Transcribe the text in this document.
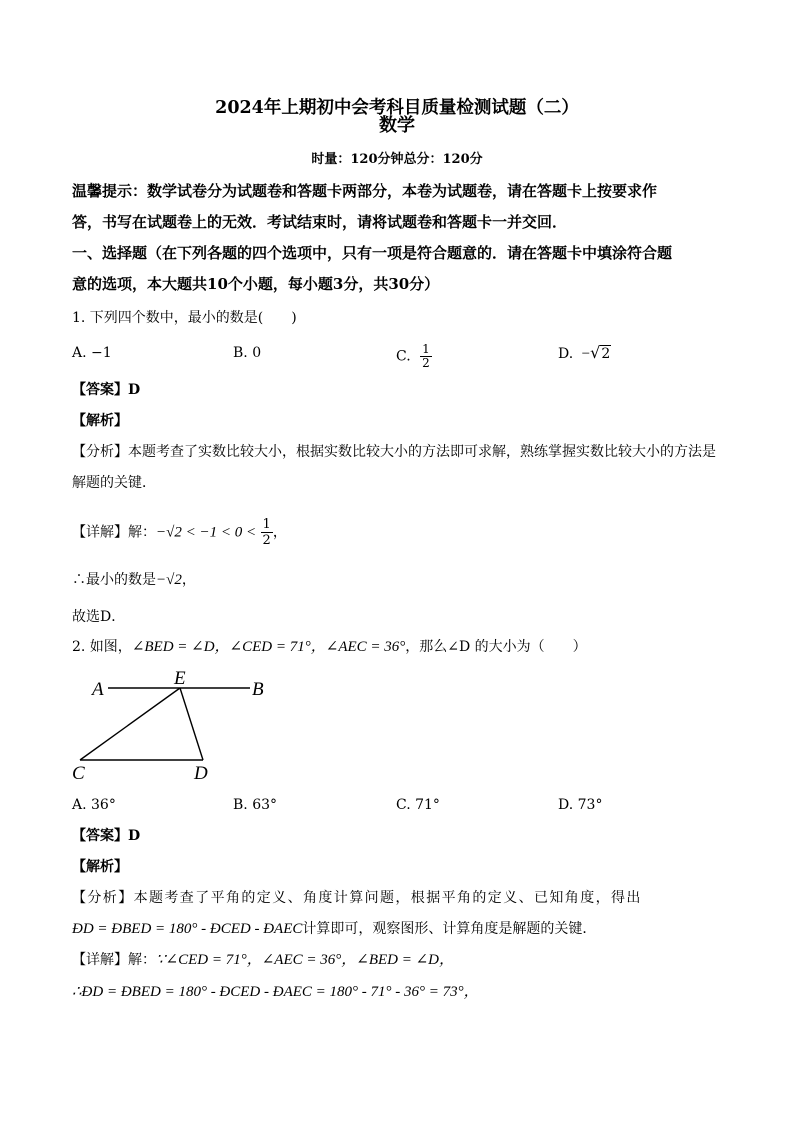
2024年上期初中会考科目质量检测试题（二）
数学
时量：120分钟总分：120分
温馨提示：数学试卷分为试题卷和答题卡两部分，本卷为试题卷，请在答题卡上按要求作
答，书写在试题卷上的无效．考试结束时，请将试题卷和答题卡一并交回．
一、选择题（在下列各题的四个选项中，只有一项是符合题意的．请在答题卡中填涂符合题
意的选项，本大题共10个小题，每小题3分，共30分）
1. 下列四个数中，最小的数是(　　)
A. −1	B. 0	C. $\frac{1}{2}$	D. −√2
【答案】D
【解析】
【分析】本题考查了实数比较大小，根据实数比较大小的方法即可求解，熟练掌握实数比较大小的方法是
解题的关键．
【详解】解：$-√2 < -1 < 0 < \frac{1}{2}$ ，
∴最小的数是−√2，
故选D．
2. 如图，∠BED = ∠D，∠CED = 71°，∠AEC = 36°，那么∠D 的大小为（　　）
A
E
B
C	D
A. 36°	B. 63°	C. 71°	D. 73°
【答案】D
【解析】
【分析】本题考查了平角的定义、角度计算问题，根据平角的定义、已知角度，得出
ÐD = ÐBED = 180° - ÐCED - ÐAEC计算即可，观察图形、计算角度是解题的关键．
【详解】解：∵∠CED = 71°，∠AEC = 36°，∠BED = ∠D，
∴ÐD = ÐBED = 180° - ÐCED - ÐAEC = 180° - 71° - 36° = 73°，
